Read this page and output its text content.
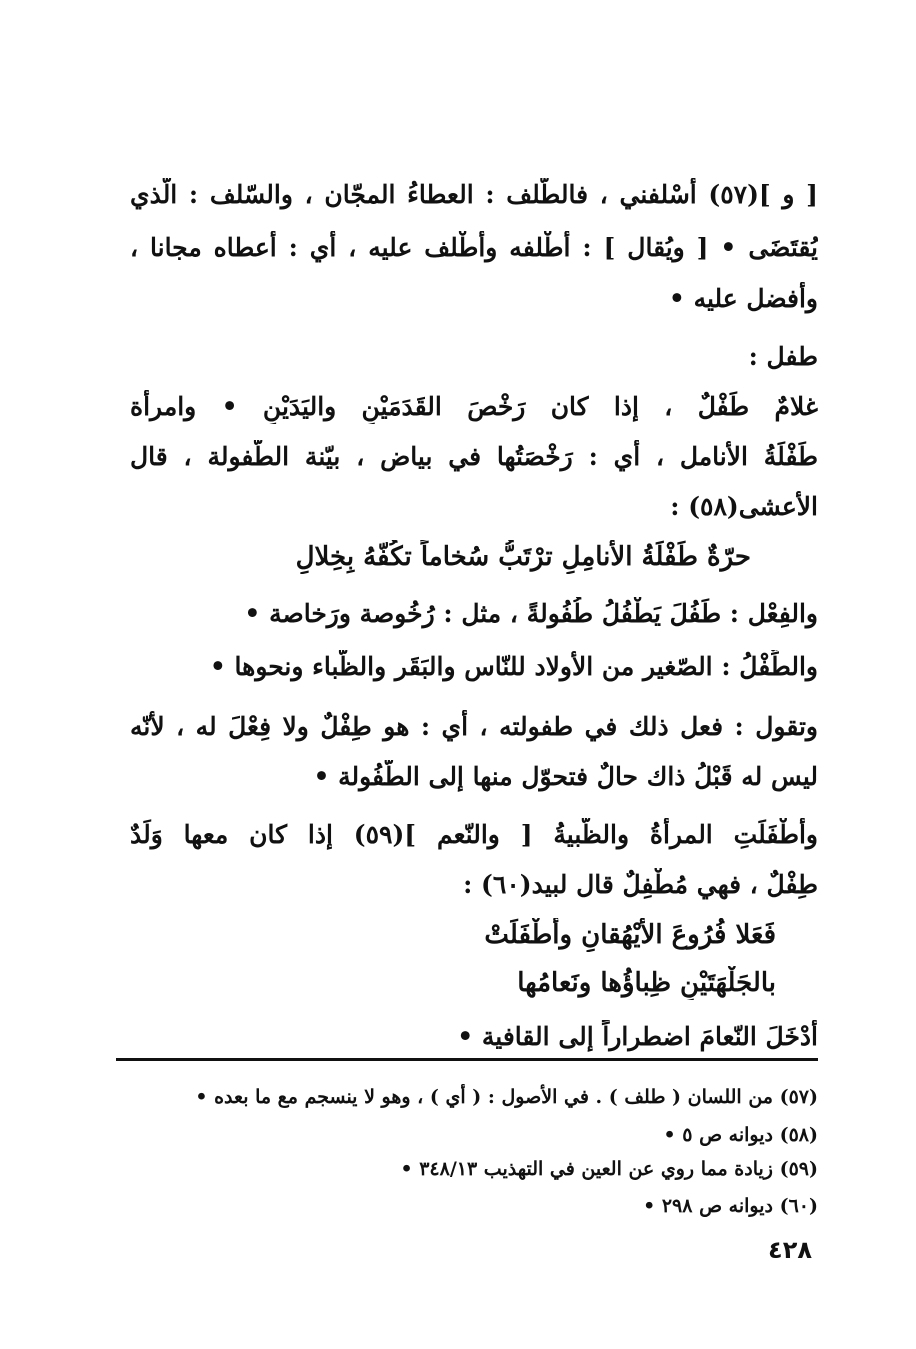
[ و ](٥٧) أسْلفني ، فالطّلف : العطاءُ المجّان ، والسّلف : الّذي
يُقتَضَى • [ ويُقال ] : أطْلفه وأطْلف عليه ، أي : أعطاه مجانا ،
وأفضل عليه •
طفل :
غلامٌ طَفْلٌ ، إذا كان رَخْصَ القَدَمَيْنِ واليَدَيْنِ • وامرأة
طَفْلَةُ الأنامل ، أي : رَخْصَتُها في بياض ، بيّنة الطّفولة ، قال
الأعشى(٥٨) :
حرّةٌ طَفْلَةُ الأنامِلِ ترْتَبُّ سُخاماً تكُفّهُ بِخِلالِ
والفِعْل : طَفُلَ يَطْفُلُ طُفُولةً ، مثل : رُخُوصة ورَخاصة •
والطِّفْلُ : الصّغير من الأولاد للنّاس والبَقَر والظّباء ونحوها •
وتقول : فعل ذلك في طفولته ، أي : هو طِفْلٌ ولا فِعْلَ له ، لأنّه
ليس له قَبْلُ ذاك حالٌ فتحوّل منها إلى الطّفُولة •
وأطْفَلَتِ المرأةُ والظّبيةُ [ والنّعم ](٥٩) إذا كان معها وَلَدٌ
طِفْلٌ ، فهي مُطْفِلٌ قال لبيد(٦٠) :
فَعَلا فُرُوعَ الأيْهُقانِ وأطْفَلَتْ
بالجَلْهَتَيْنِ ظِباؤُها ونَعامُها
أدْخَلَ النّعامَ اضطراراً إلى القافية •
(٥٧) من اللسان ( طلف ) . في الأصول : ( أي ) ، وهو لا ينسجم مع ما بعده •
(٥٨) ديوانه ص ٥ •
(٥٩) زيادة مما روي عن العين في التهذيب ٣٤٨/١٣ •
(٦٠) ديوانه ص ٢٩٨ •
٤٢٨
